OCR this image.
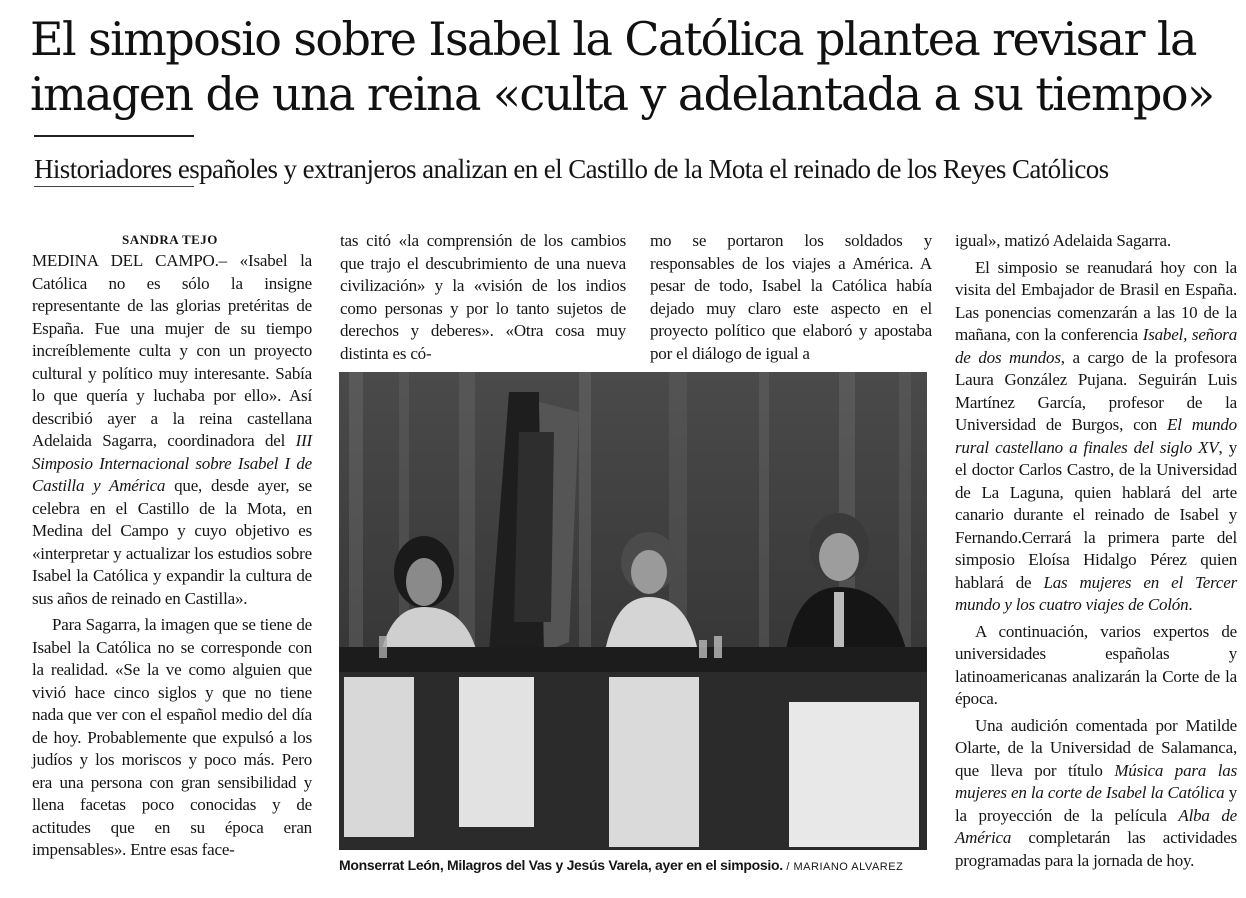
El simposio sobre Isabel la Católica plantea revisar la
imagen de una reina «culta y adelantada a su tiempo»
Historiadores españoles y extranjeros analizan en el Castillo de la Mota el reinado de los Reyes Católicos
SANDRA TEJO

MEDINA DEL CAMPO.– «Isabel la Católica no es sólo la insigne representante de las glorias pretéritas de España. Fue una mujer de su tiempo increíblemente culta y con un proyecto cultural y político muy interesante. Sabía lo que quería y luchaba por ello». Así describió ayer a la reina castellana Adelaida Sagarra, coordinadora del III Simposio Internacional sobre Isabel I de Castilla y América que, desde ayer, se celebra en el Castillo de la Mota, en Medina del Campo y cuyo objetivo es «interpretar y actualizar los estudios sobre Isabel la Católica y expandir la cultura de sus años de reinado en Castilla».

Para Sagarra, la imagen que se tiene de Isabel la Católica no se corresponde con la realidad. «Se la ve como alguien que vivió hace cinco siglos y que no tiene nada que ver con el español medio del día de hoy. Probablemente que expulsó a los judíos y los moriscos y poco más. Pero era una persona con gran sensibilidad y llena facetas poco conocidas y de actitudes que en su época eran impensables». Entre esas face-

tas citó «la comprensión de los cambios que trajo el descubrimiento de una nueva civilización» y la «visión de los indios como personas y por lo tanto sujetos de derechos y deberes». «Otra cosa muy distinta es có-

mo se portaron los soldados y responsables de los viajes a América. A pesar de todo, Isabel la Católica había dejado muy claro este aspecto en el proyecto político que elaboró y apostaba por el diálogo de igual a

igual», matizó Adelaida Sagarra.

El simposio se reanudará hoy con la visita del Embajador de Brasil en España. Las ponencias comenzarán a las 10 de la mañana, con la conferencia Isabel, señora de dos mundos, a cargo de la profesora Laura González Pujana. Seguirán Luis Martínez García, profesor de la Universidad de Burgos, con El mundo rural castellano a finales del siglo XV, y el doctor Carlos Castro, de la Universidad de La Laguna, quien hablará del arte canario durante el reinado de Isabel y Fernando.Cerrará la primera parte del simposio Eloísa Hidalgo Pérez quien hablará de Las mujeres en el Tercer mundo y los cuatro viajes de Colón.

A continuación, varios expertos de universidades españolas y latinoamericanas analizarán la Corte de la época.

Una audición comentada por Matilde Olarte, de la Universidad de Salamanca, que lleva por título Música para las mujeres en la corte de Isabel la Católica y la proyección de la película Alba de América completarán las actividades programadas para la jornada de hoy.

Monserrat León, Milagros del Vas y Jesús Varela, ayer en el simposio. / MARIANO ALVAREZ
